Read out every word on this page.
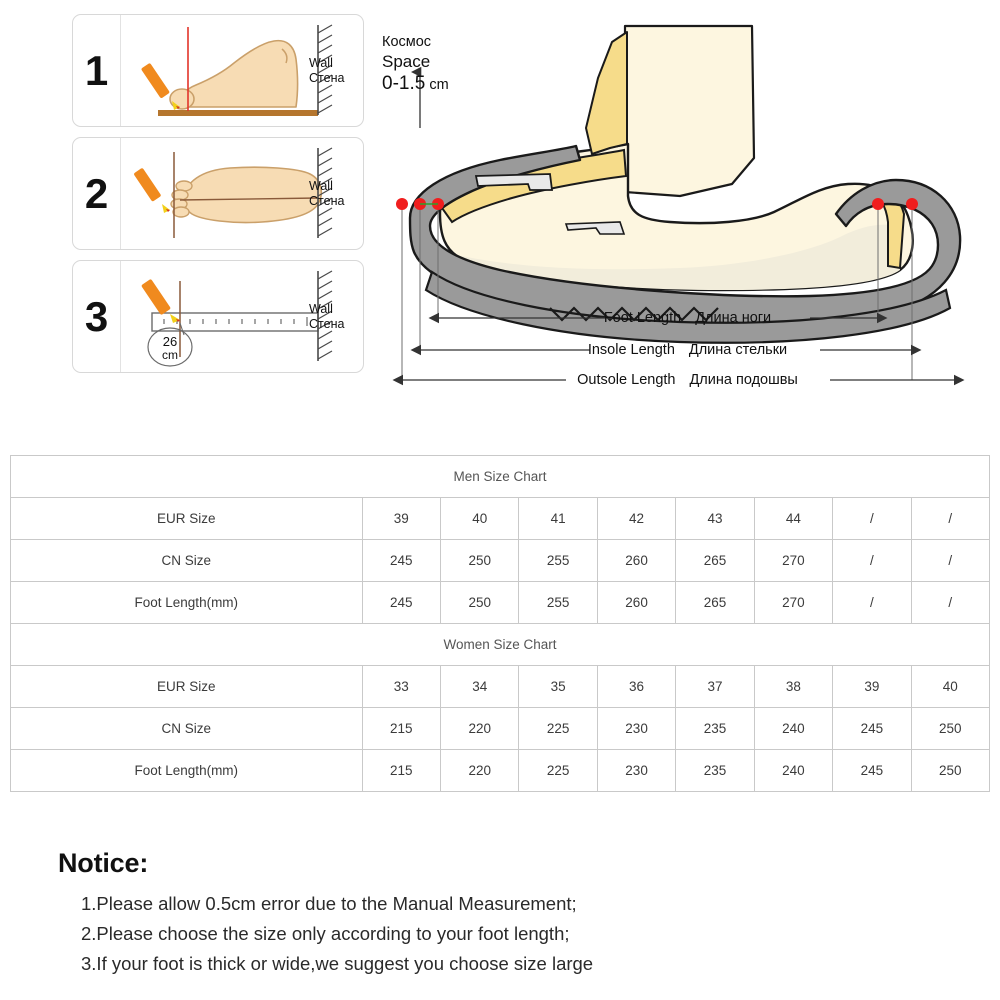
1	Wall
Стена
2	Wall
Стена
3
26
cm
Wall
Стена
Космос
Space
0-1.5 cm
Foot Length Длина ноги
Insole Length Длина стельки
Outsole Length Длина подошвы
Men Size Chart								
EUR Size	39	40	41	42	43	44	/	/
CN Size	245	250	255	260	265	270	/	/
Foot Length(mm)	245	250	255	260	265	270	/	/
Women Size Chart								
EUR Size	33	34	35	36	37	38	39	40
CN Size	215	220	225	230	235	240	245	250
Foot Length(mm)	215	220	225	230	235	240	245	250
Notice:
1.Please allow 0.5cm error due to the Manual Measurement;
2.Please choose the size only according to your foot length;
3.If your foot is thick or wide,we suggest you choose size large
